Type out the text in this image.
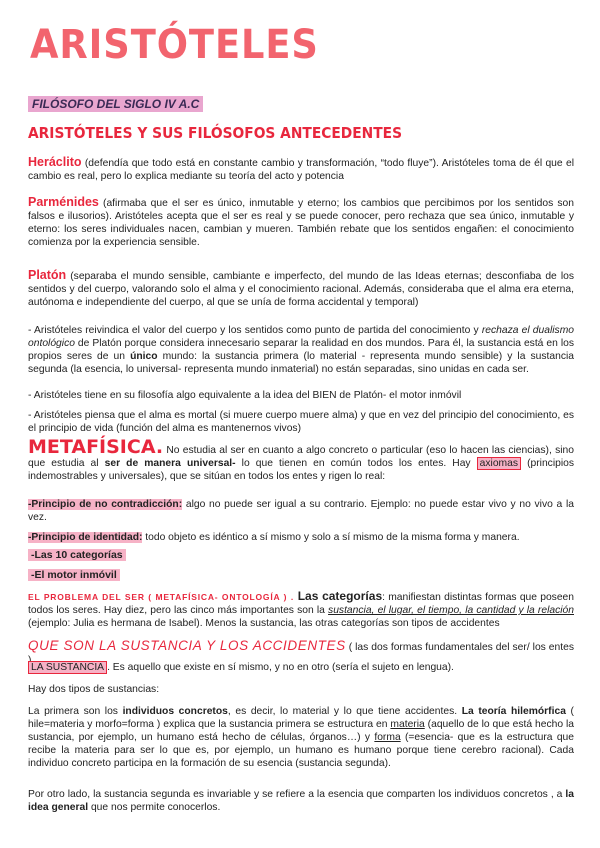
ARISTÓTELES
FILÓSOFO DEL SIGLO IV A.C
ARISTÓTELES Y SUS FILÓSOFOS ANTECEDENTES
Heráclito (defendía que todo está en constante cambio y transformación, “todo fluye”). Aristóteles toma de él que el cambio es real, pero lo explica mediante su teoría del acto y potencia
Parménides (afirmaba que el ser es único, inmutable y eterno; los cambios que percibimos por los sentidos son falsos e ilusorios). Aristóteles acepta que el ser es real y se puede conocer, pero rechaza que sea único, inmutable y eterno: los seres individuales nacen, cambian y mueren. También rebate que los sentidos engañen: el conocimiento comienza por la experiencia sensible.
Platón (separaba el mundo sensible, cambiante e imperfecto, del mundo de las Ideas eternas; desconfiaba de los sentidos y del cuerpo, valorando solo el alma y el conocimiento racional. Además, consideraba que el alma era eterna, autónoma e independiente del cuerpo, al que se unía de forma accidental y temporal)
- Aristóteles reivindica el valor del cuerpo y los sentidos como punto de partida del conocimiento y rechaza el dualismo ontológico de Platón porque considera innecesario separar la realidad en dos mundos. Para él, la sustancia está en los propios seres de un único mundo: la sustancia primera (lo material - representa mundo sensible) y la sustancia segunda (la esencia, lo universal- representa mundo inmaterial) no están separadas, sino unidas en cada ser.
- Aristóteles tiene en su filosofía algo equivalente a la idea del BIEN de Platón- el motor inmóvil
- Aristóteles piensa que el alma es mortal (si muere cuerpo muere alma) y que en vez del principio del conocimiento, es el principio de vida (función del alma es mantenernos vivos)
METAFÍSICA. No estudia al ser en cuanto a algo concreto o particular (eso lo hacen las ciencias), sino que estudia al ser de manera universal- lo que tienen en común todos los entes. Hay axiomas (principios indemostrables y universales), que se sitúan en todos los entes y rigen lo real:
-Principio de no contradicción: algo no puede ser igual a su contrario. Ejemplo: no puede estar vivo y no vivo a la vez.
-Principio de identidad: todo objeto es idéntico a sí mismo y solo a sí mismo de la misma forma y manera.
-Las 10 categorías
-El motor inmóvil
EL PROBLEMA DEL SER ( METAFÍSICA- ONTOLOGÍA ) . Las categorías: manifiestan distintas formas que poseen todos los seres. Hay diez, pero las cinco más importantes son la sustancia, el lugar, el tiempo, la cantidad y la relación (ejemplo: Julia es hermana de Isabel). Menos la sustancia, las otras categorías son tipos de accidentes
QUE SON LA SUSTANCIA Y LOS ACCIDENTES ( las dos formas fundamentales del ser/ los entes
LA SUSTANCIA . Es aquello que existe en sí mismo, y no en otro (sería el sujeto en lengua).
Hay dos tipos de sustancias:
La primera son los individuos concretos, es decir, lo material y lo que tiene accidentes. La teoría hilemórfica ( hile=materia y morfo=forma ) explica que la sustancia primera se estructura en materia (aquello de lo que está hecho la sustancia, por ejemplo, un humano está hecho de células, órganos…) y forma (=esencia- que es la estructura que recibe la materia para ser lo que es, por ejemplo, un humano es humano porque tiene cerebro racional). Cada individuo concreto participa en la formación de su esencia (sustancia segunda).
Por otro lado, la sustancia segunda es invariable y se refiere a la esencia que comparten los individuos concretos , a la idea general que nos permite conocerlos.
